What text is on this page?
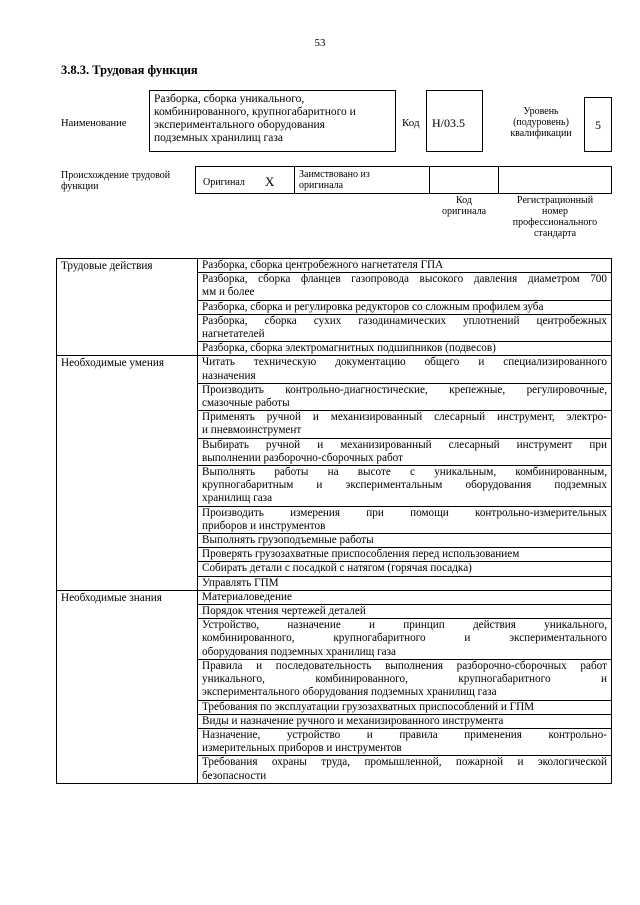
53
3.8.3. Трудовая функция
Наименование
Разборка, сборка уникального,
комбинированного, крупногабаритного и
экспериментального оборудования
подземных хранилищ газа
Код	Н/03.5
Уровень
(подуровень)
квалификации
5
Происхождение трудовой
функции	Оригинал X Заимствовано из
оригинала
Код
оригинала
Регистрационный
номер
профессионального
стандарта
Трудовые действия	Разборка, сборка центробежного нагнетателя ГПА

	Разборка, сборка фланцев газопровода высокого давления диаметром 700
мм и более

	Разборка, сборка и регулировка редукторов со сложным профилем зуба

	Разборка, сборка сухих газодинамических уплотнений центробежных
нагнетателей

	Разборка, сборка электромагнитных подшипников (подвесов)

Необходимые умения	Читать техническую документацию общего и специализированного
назначения

	Производить контрольно-диагностические, крепежные, регулировочные,
смазочные работы

	Применять ручной и механизированный слесарный инструмент, электро-
и пневмоинструмент

	Выбирать ручной и механизированный слесарный инструмент при
выполнении разборочно-сборочных работ

	Выполнять работы на высоте с уникальным, комбинированным,
крупногабаритным и экспериментальным оборудования подземных
хранилищ газа

	Производить измерения при помощи контрольно-измерительных
приборов и инструментов

	Выполнять грузоподъемные работы

	Проверять грузозахватные приспособления перед использованием

	Собирать детали с посадкой с натягом (горячая посадка)

	Управлять ГПМ

Необходимые знания	Материаловедение

	Порядок чтения чертежей деталей

	Устройство, назначение и принцип действия уникального,
комбинированного, крупногабаритного и экспериментального
оборудования подземных хранилищ газа

	Правила и последовательность выполнения разборочно-сборочных работ
уникального, комбинированного, крупногабаритного и
экспериментального оборудования подземных хранилищ газа

	Требования по эксплуатации грузозахватных приспособлений и ГПМ

	Виды и назначение ручного и механизированного инструмента

	Назначение, устройство и правила применения контрольно-
измерительных приборов и инструментов

	Требования охраны труда, промышленной, пожарной и экологической
безопасности
